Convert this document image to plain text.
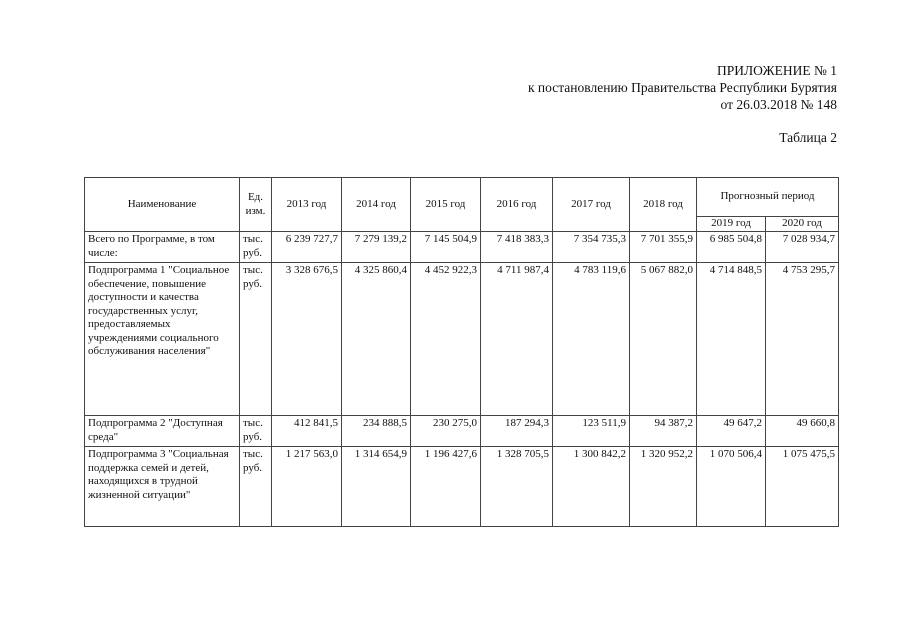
ПРИЛОЖЕНИЕ № 1
к постановлению Правительства Республики Бурятия
от 26.03.2018 № 148
Таблица 2
Наименование	Ед. изм.	2013 год	2014 год	2015 год	2016 год	2017 год	2018 год	Прогнозный период	
								2019 год	2020 год
Всего по Программе, в том числе:	тыс. руб.	6 239 727,7	7 279 139,2	7 145 504,9	7 418 383,3	7 354 735,3	7 701 355,9	6 985 504,8	7 028 934,7
Подпрограмма 1 "Социальное обеспечение, повышение доступности и качества государственных услуг, предоставляемых учреждениями социального обслуживания населения"	тыс. руб.	3 328 676,5	4 325 860,4	4 452 922,3	4 711 987,4	4 783 119,6	5 067 882,0	4 714 848,5	4 753 295,7
Подпрограмма 2 "Доступная среда"	тыс. руб.	412 841,5	234 888,5	230 275,0	187 294,3	123 511,9	94 387,2	49 647,2	49 660,8
Подпрограмма 3 "Социальная поддержка семей и детей, находящихся в трудной жизненной ситуации"	тыс. руб.	1 217 563,0	1 314 654,9	1 196 427,6	1 328 705,5	1 300 842,2	1 320 952,2	1 070 506,4	1 075 475,5
